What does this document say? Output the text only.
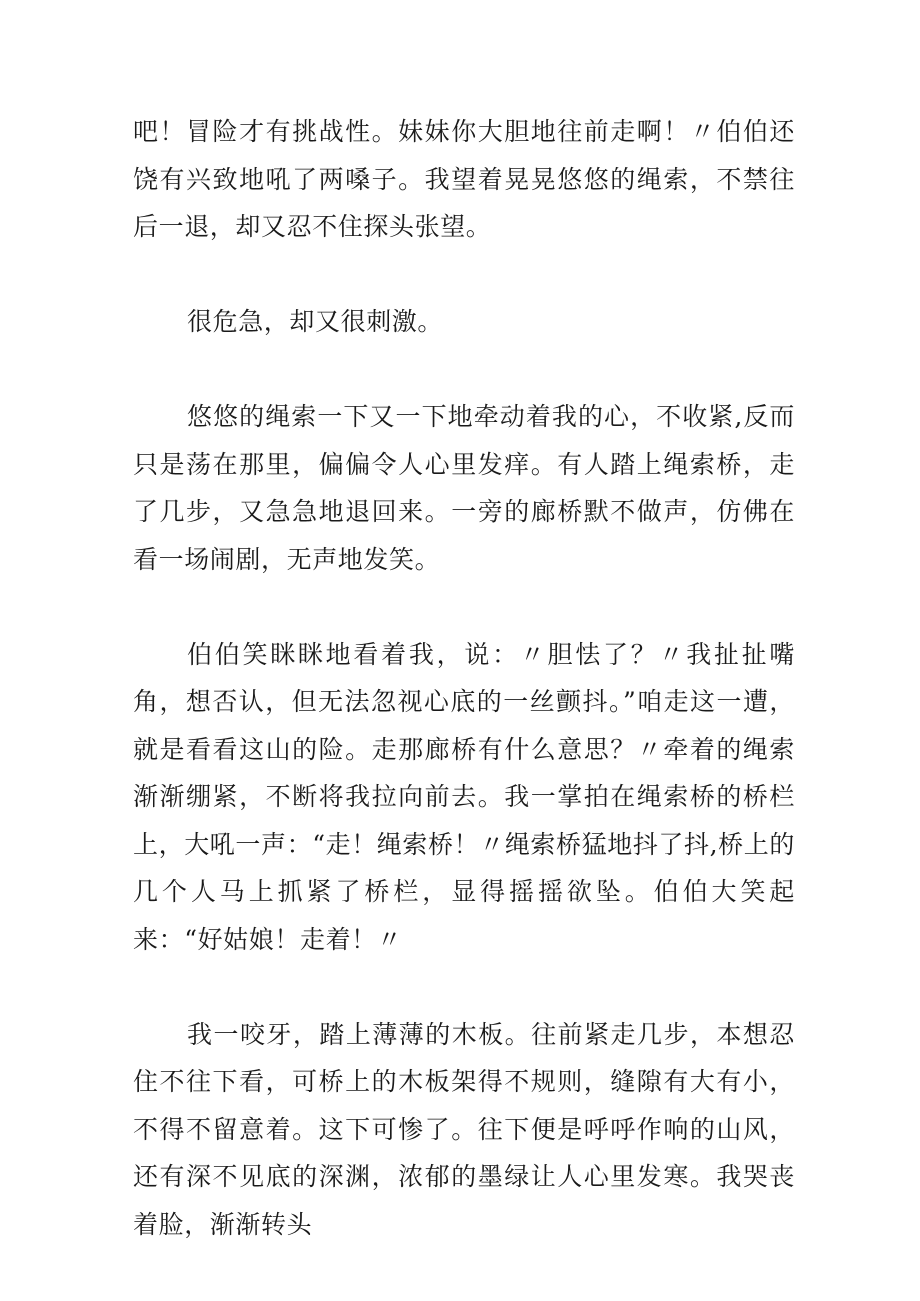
吧！冒险才有挑战性。妹妹你大胆地往前走啊！〃伯伯还饶有兴致地吼了两嗓子。我望着晃晃悠悠的绳索，不禁往后一退，却又忍不住探头张望。

很危急，却又很刺激。

悠悠的绳索一下又一下地牵动着我的心，不收紧,反而只是荡在那里，偏偏令人心里发痒。有人踏上绳索桥，走了几步，又急急地退回来。一旁的廊桥默不做声，仿佛在看一场闹剧，无声地发笑。

伯伯笑眯眯地看着我，说：〃胆怯了？〃我扯扯嘴角，想否认，但无法忽视心底的一丝颤抖。”咱走这一遭，就是看看这山的险。走那廊桥有什么意思？〃牵着的绳索渐渐绷紧，不断将我拉向前去。我一掌拍在绳索桥的桥栏上，大吼一声：“走！绳索桥！〃绳索桥猛地抖了抖,桥上的几个人马上抓紧了桥栏，显得摇摇欲坠。伯伯大笑起来：“好姑娘！走着！〃

我一咬牙，踏上薄薄的木板。往前紧走几步，本想忍住不往下看，可桥上的木板架得不规则，缝隙有大有小，不得不留意着。这下可惨了。往下便是呼呼作响的山风，还有深不见底的深渊，浓郁的墨绿让人心里发寒。我哭丧着脸，渐渐转头
